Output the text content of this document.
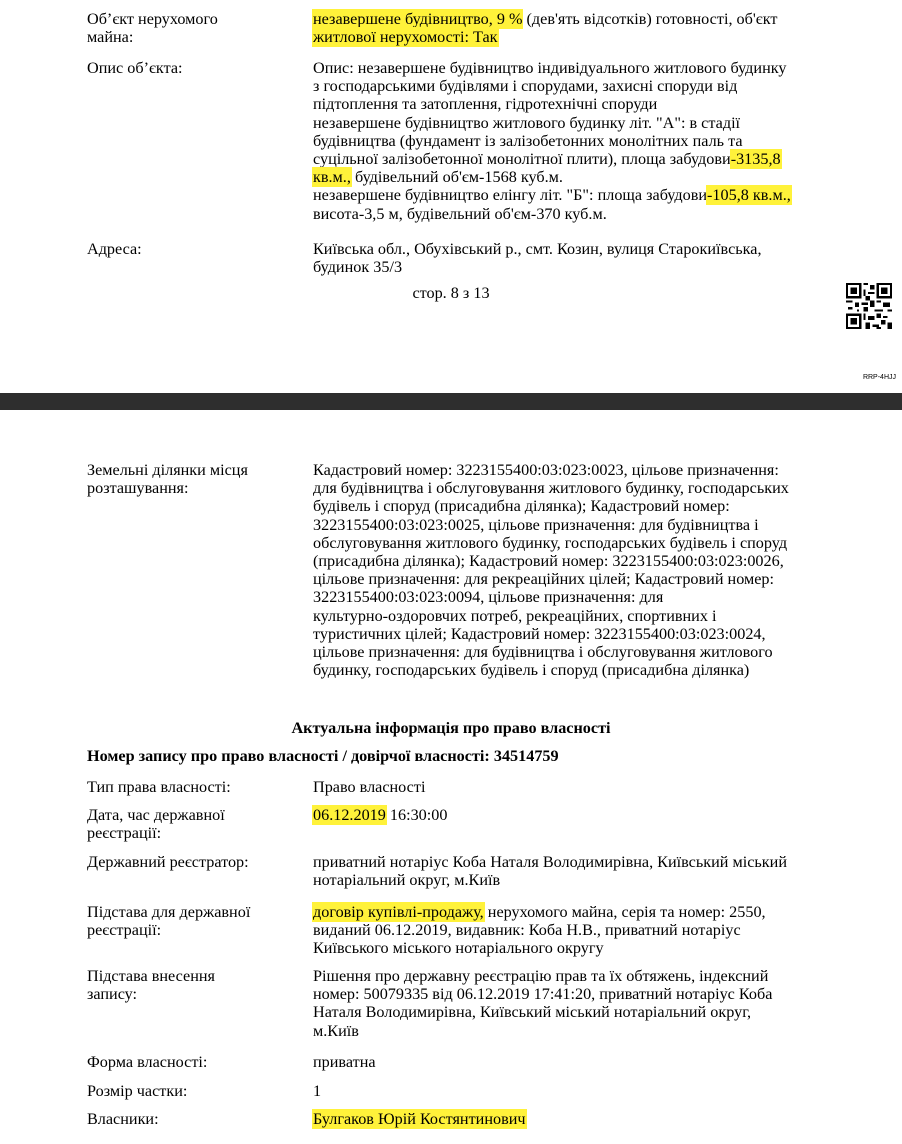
Об’єкт нерухомого
майна:
незавершене будівництво, 9 % (дев'ять відсотків) готовності, об'єкт
житлової нерухомості: Так
Опис об’єкта:	Опис: незавершене будівництво індивідуального житлового будинку
з господарськими будівлями і спорудами, захисні споруди від
підтоплення та затоплення, гідротехнічні споруди
незавершене будівництво житлового будинку літ. "А": в стадії
будівництва (фундамент із залізобетонних монолітних паль та
суцільної залізобетонної монолітної плити), площа забудови-3135,8
кв.м., будівельний об'єм-1568 куб.м.
незавершене будівництво елінгу літ. "Б": площа забудови-105,8 кв.м.,
висота-3,5 м, будівельний об'єм-370 куб.м.
Адреса:	Київська обл., Обухівський р., смт. Козин, вулиця Старокиївська,
будинок 35/3
стор. 8 з 13
RRP-4HJJ
Земельні ділянки місця
розташування:
Кадастровий номер: 3223155400:03:023:0023, цільове призначення:
для будівництва і обслуговування житлового будинку, господарських
будівель і споруд (присадибна ділянка); Кадастровий номер:
3223155400:03:023:0025, цільове призначення: для будівництва і
обслуговування житлового будинку, господарських будівель і споруд
(присадибна ділянка); Кадастровий номер: 3223155400:03:023:0026,
цільове призначення: для рекреаційних цілей; Кадастровий номер:
3223155400:03:023:0094, цільове призначення: для
культурно-оздоровчих потреб, рекреаційних, спортивних і
туристичних цілей; Кадастровий номер: 3223155400:03:023:0024,
цільове призначення: для будівництва і обслуговування житлового
будинку, господарських будівель і споруд (присадибна ділянка)
Актуальна інформація про право власності
Номер запису про право власності / довірчої власності: 34514759
Тип права власності:	Право власності
Дата, час державної
реєстрації:
06.12.2019 16:30:00
Державний реєстратор:	приватний нотаріус Коба Наталя Володимирівна, Київський міський
нотаріальний округ, м.Київ
Підстава для державної
реєстрації:
договір купівлі-продажу, нерухомого майна, серія та номер: 2550,
виданий 06.12.2019, видавник: Коба Н.В., приватний нотаріус
Київського міського нотаріального округу
Підстава внесення
запису:
Рішення про державну реєстрацію прав та їх обтяжень, індексний
номер: 50079335 від 06.12.2019 17:41:20, приватний нотаріус Коба
Наталя Володимирівна, Київський міський нотаріальний округ,
м.Київ
Форма власності:	приватна
Розмір частки:	1
Власники:	Булгаков Юрій Костянтинович
